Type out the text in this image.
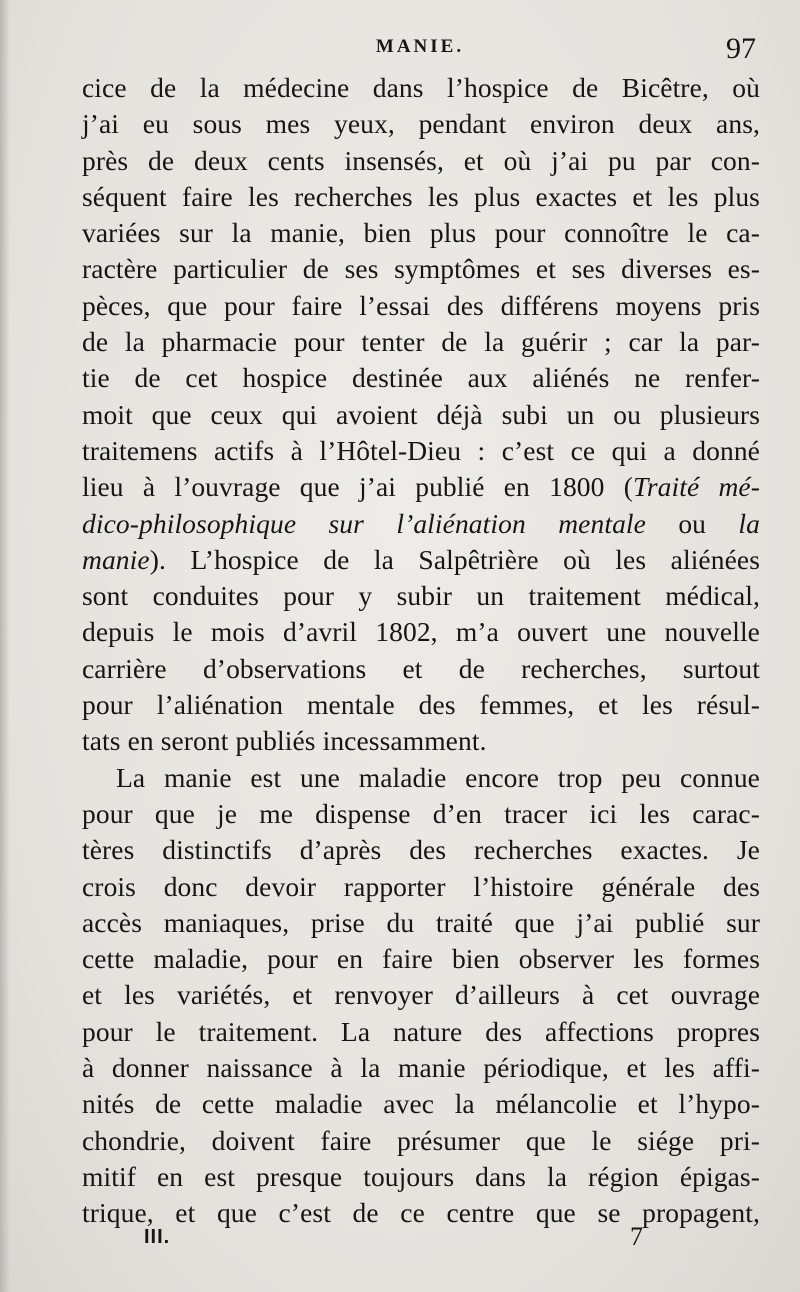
MANIE.	97
cice de la médecine dans l’hospice de Bicêtre, où
j’ai eu sous mes yeux, pendant environ deux ans,
près de deux cents insensés, et où j’ai pu par con-
séquent faire les recherches les plus exactes et les plus
variées sur la manie, bien plus pour connoître le ca-
ractère particulier de ses symptômes et ses diverses es-
pèces, que pour faire l’essai des différens moyens pris
de la pharmacie pour tenter de la guérir ; car la par-
tie de cet hospice destinée aux aliénés ne renfer-
moit que ceux qui avoient déjà subi un ou plusieurs
traitemens actifs à l’Hôtel-Dieu : c’est ce qui a donné
lieu à l’ouvrage que j’ai publié en 1800 (Traité mé-
dico-philosophique sur l’aliénation mentale ou la
manie). L’hospice de la Salpêtrière où les aliénées
sont conduites pour y subir un traitement médical,
depuis le mois d’avril 1802, m’a ouvert une nouvelle
carrière d’observations et de recherches, surtout
pour l’aliénation mentale des femmes, et les résul-
tats en seront publiés incessamment.
La manie est une maladie encore trop peu connue
pour que je me dispense d’en tracer ici les carac-
tères distinctifs d’après des recherches exactes. Je
crois donc devoir rapporter l’histoire générale des
accès maniaques, prise du traité que j’ai publié sur
cette maladie, pour en faire bien observer les formes
et les variétés, et renvoyer d’ailleurs à cet ouvrage
pour le traitement. La nature des affections propres
à donner naissance à la manie périodique, et les affi-
nités de cette maladie avec la mélancolie et l’hypo-
chondrie, doivent faire présumer que le siége pri-
mitif en est presque toujours dans la région épigas-
trique, et que c’est de ce centre que se propagent,
III.	7
